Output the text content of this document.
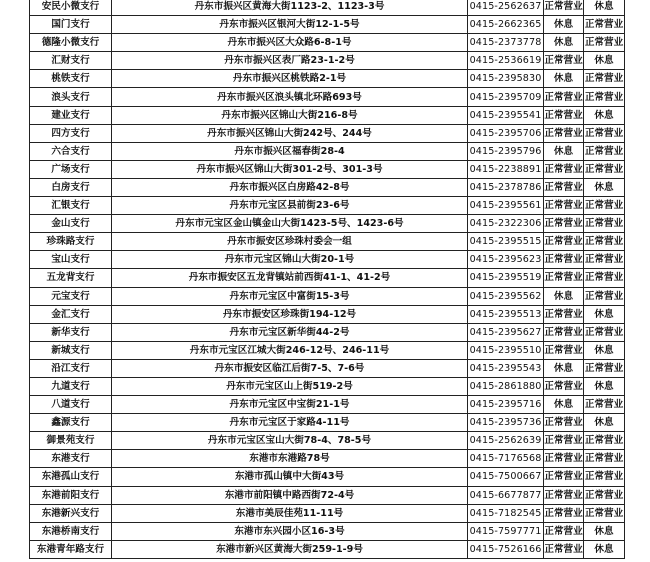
安民小微支行	丹东市振兴区黄海大街1123-2、1123-3号	0415-2562637	正常营业	休息
国门支行	丹东市振兴区银河大街12-1-5号	0415-2662365	休息	正常营业
德隆小微支行	丹东市振兴区大众路6-8-1号	0415-2373778	休息	正常营业
汇财支行	丹东市振兴区表厂路23-1-2号	0415-2536619	正常营业	休息
桃铁支行	丹东市振兴区桃铁路2-1号	0415-2395830	休息	正常营业
浪头支行	丹东市振兴区浪头镇北环路693号	0415-2395709	正常营业	正常营业
建业支行	丹东市振兴区锦山大街216-8号	0415-2395541	正常营业	休息
四方支行	丹东市振兴区锦山大街242号、244号	0415-2395706	正常营业	正常营业
六合支行	丹东市振兴区福春街28-4	0415-2395796	休息	正常营业
广场支行	丹东市振兴区锦山大街301-2号、301-3号	0415-2238891	正常营业	正常营业
白房支行	丹东市振兴区白房路42-8号	0415-2378786	正常营业	休息
汇银支行	丹东市元宝区县前街23-6号	0415-2395561	正常营业	正常营业
金山支行	丹东市元宝区金山镇金山大街1423-5号、1423-6号	0415-2322306	正常营业	正常营业
珍珠路支行	丹东市振安区珍珠村委会一组	0415-2395515	正常营业	正常营业
宝山支行	丹东市元宝区锦山大街20-1号	0415-2395623	正常营业	正常营业
五龙背支行	丹东市振安区五龙背镇站前西街41-1、41-2号	0415-2395519	正常营业	正常营业
元宝支行	丹东市元宝区中富街15-3号	0415-2395562	休息	正常营业
金汇支行	丹东市振安区珍珠街194-12号	0415-2395513	正常营业	休息
新华支行	丹东市元宝区新华街44-2号	0415-2395627	正常营业	正常营业
新城支行	丹东市元宝区江城大街246-12号、246-11号	0415-2395510	正常营业	休息
沿江支行	丹东市振安区临江后街7-5、7-6号	0415-2395543	休息	正常营业
九道支行	丹东市元宝区山上街519-2号	0415-2861880	正常营业	休息
八道支行	丹东市元宝区中宝街21-1号	0415-2395716	休息	正常营业
鑫源支行	丹东市元宝区于家路4-11号	0415-2395736	正常营业	休息
御景苑支行	丹东市元宝区宝山大街78-4、78-5号	0415-2562639	正常营业	正常营业
东港支行	东港市东港路78号	0415-7176568	正常营业	正常营业
东港孤山支行	东港市孤山镇中大街43号	0415-7500667	正常营业	正常营业
东港前阳支行	东港市前阳镇中路西街72-4号	0415-6677877	正常营业	正常营业
东港新兴支行	东港市美辰佳苑11-11号	0415-7182545	正常营业	正常营业
东港桥南支行	东港市东兴园小区16-3号	0415-7597771	正常营业	休息
东港青年路支行	东港市新兴区黄海大街259-1-9号	0415-7526166	正常营业	休息
